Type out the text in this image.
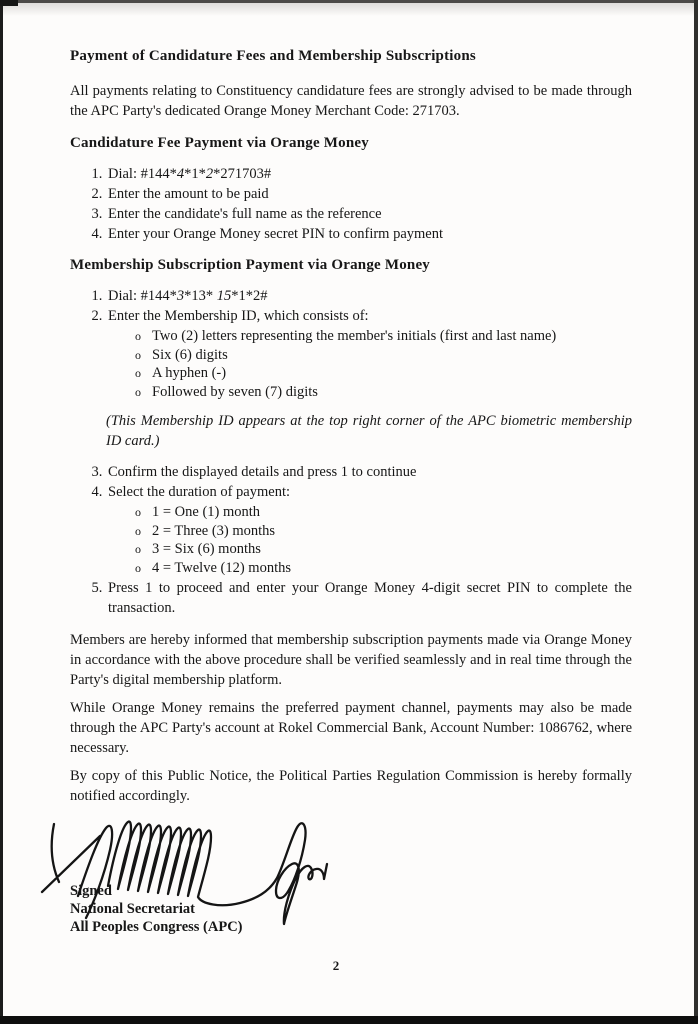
Payment of Candidature Fees and Membership Subscriptions

All payments relating to Constituency candidature fees are strongly advised to be made through the APC Party's dedicated Orange Money Merchant Code: 271703.

Candidature Fee Payment via Orange Money
1. Dial: #144*4*1*2*271703#
2. Enter the amount to be paid
3. Enter the candidate's full name as the reference
4. Enter your Orange Money secret PIN to confirm payment
Membership Subscription Payment via Orange Money
1. Dial: #144*3*13* 15*1*2#
2. Enter the Membership ID, which consists of:
o Two (2) letters representing the member's initials (first and last name)
o Six (6) digits
o A hyphen (-)
o Followed by seven (7) digits

(This Membership ID appears at the top right corner of the APC biometric membership ID card.)

3. Confirm the displayed details and press 1 to continue
4. Select the duration of payment:
o 1 = One (1) month
o 2 = Three (3) months
o 3 = Six (6) months
o 4 = Twelve (12) months
5. Press 1 to proceed and enter your Orange Money 4-digit secret PIN to complete the transaction.

Members are hereby informed that membership subscription payments made via Orange Money in accordance with the above procedure shall be verified seamlessly and in real time through the Party's digital membership platform.

While Orange Money remains the preferred payment channel, payments may also be made through the APC Party's account at Rokel Commercial Bank, Account Number: 1086762, where necessary.

By copy of this Public Notice, the Political Parties Regulation Commission is hereby formally notified accordingly.

Signed
National Secretariat
All Peoples Congress (APC)
2
